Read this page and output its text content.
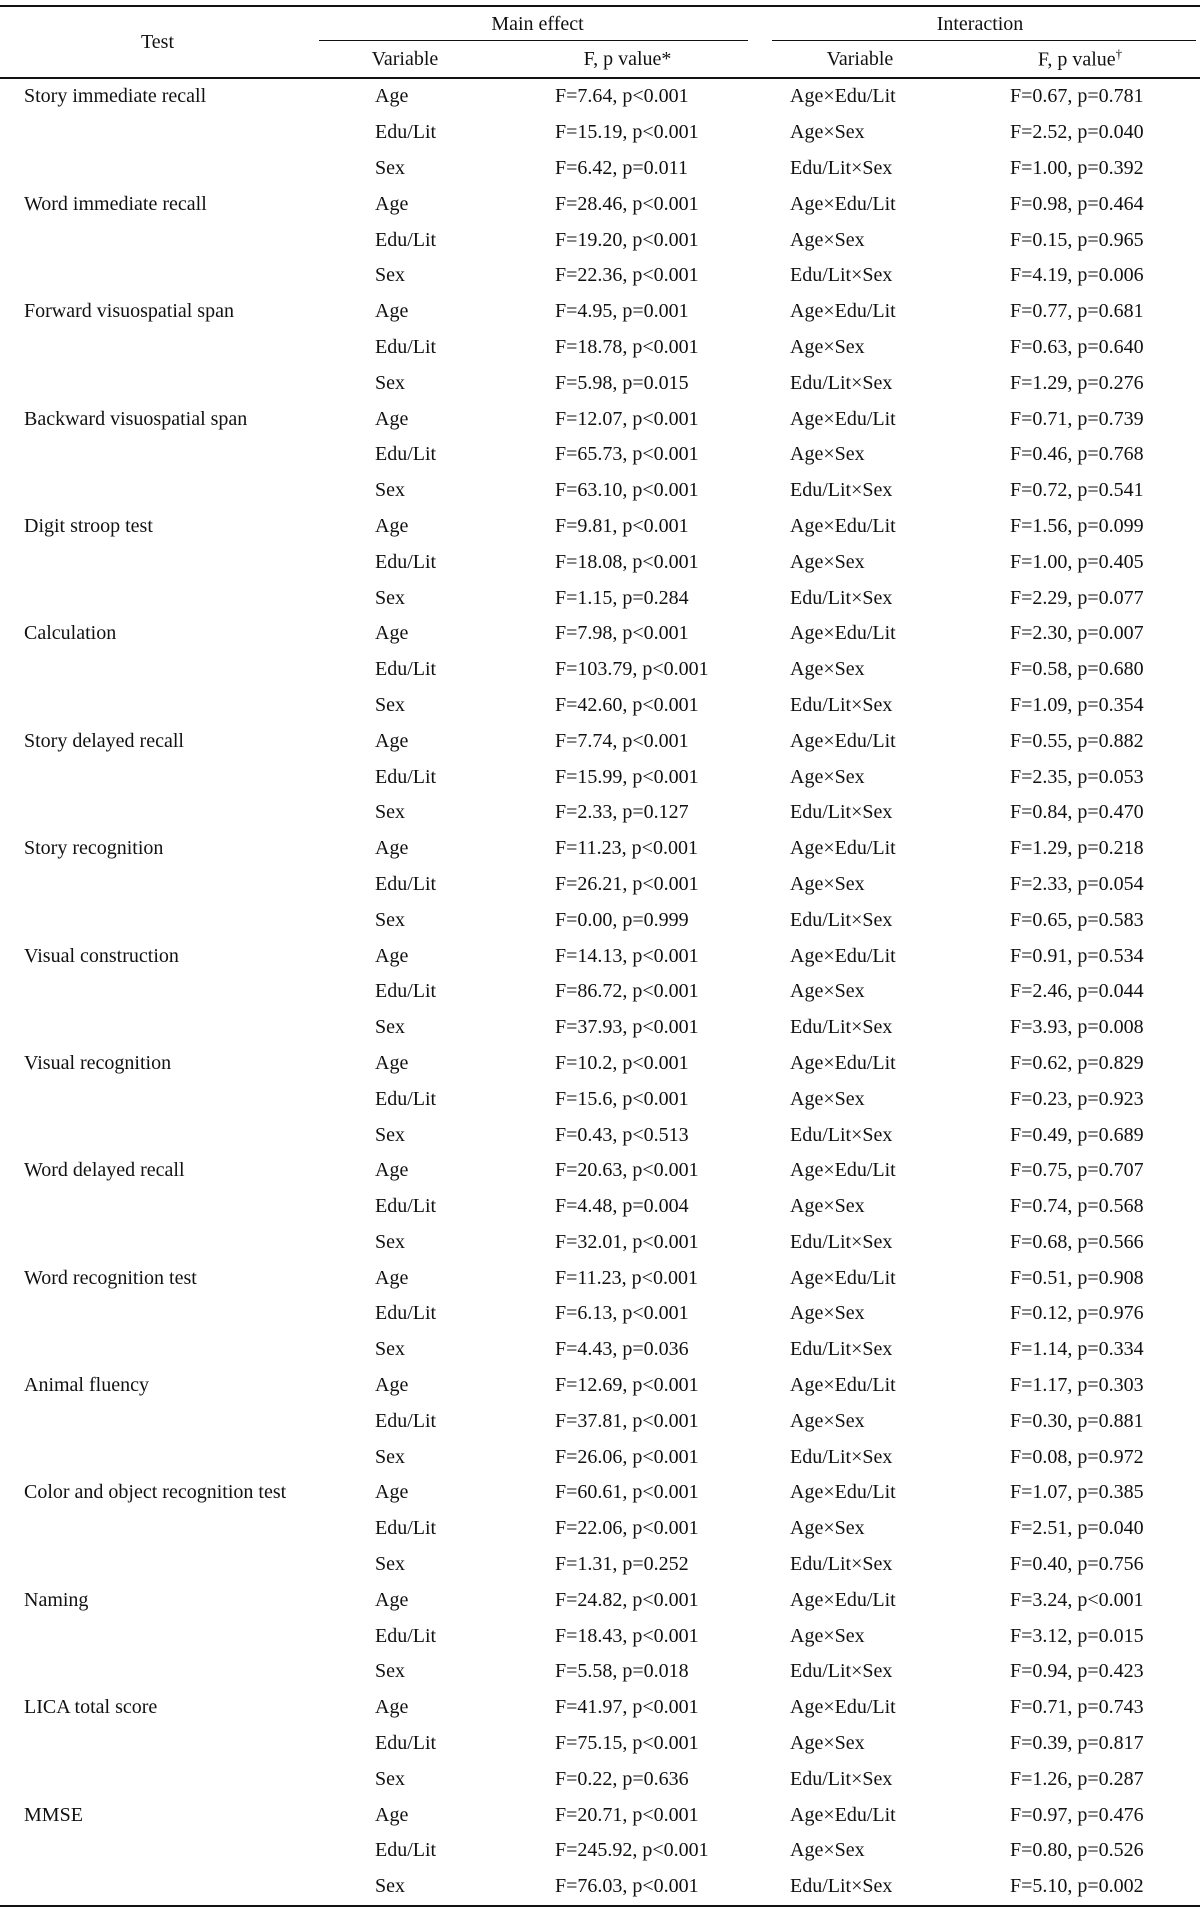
Test	Main effect		Interaction	

	Variable	F, p value*	Variable	F, p value†
Story immediate recall	Age	F=7.64, p<0.001	Age×Edu/Lit	F=0.67, p=0.781
	Edu/Lit	F=15.19, p<0.001	Age×Sex	F=2.52, p=0.040
	Sex	F=6.42, p=0.011	Edu/Lit×Sex	F=1.00, p=0.392
Word immediate recall	Age	F=28.46, p<0.001	Age×Edu/Lit	F=0.98, p=0.464
	Edu/Lit	F=19.20, p<0.001	Age×Sex	F=0.15, p=0.965
	Sex	F=22.36, p<0.001	Edu/Lit×Sex	F=4.19, p=0.006
Forward visuospatial span	Age	F=4.95, p=0.001	Age×Edu/Lit	F=0.77, p=0.681
	Edu/Lit	F=18.78, p<0.001	Age×Sex	F=0.63, p=0.640
	Sex	F=5.98, p=0.015	Edu/Lit×Sex	F=1.29, p=0.276
Backward visuospatial span	Age	F=12.07, p<0.001	Age×Edu/Lit	F=0.71, p=0.739
	Edu/Lit	F=65.73, p<0.001	Age×Sex	F=0.46, p=0.768
	Sex	F=63.10, p<0.001	Edu/Lit×Sex	F=0.72, p=0.541
Digit stroop test	Age	F=9.81, p<0.001	Age×Edu/Lit	F=1.56, p=0.099
	Edu/Lit	F=18.08, p<0.001	Age×Sex	F=1.00, p=0.405
	Sex	F=1.15, p=0.284	Edu/Lit×Sex	F=2.29, p=0.077
Calculation	Age	F=7.98, p<0.001	Age×Edu/Lit	F=2.30, p=0.007
	Edu/Lit	F=103.79, p<0.001	Age×Sex	F=0.58, p=0.680
	Sex	F=42.60, p<0.001	Edu/Lit×Sex	F=1.09, p=0.354
Story delayed recall	Age	F=7.74, p<0.001	Age×Edu/Lit	F=0.55, p=0.882
	Edu/Lit	F=15.99, p<0.001	Age×Sex	F=2.35, p=0.053
	Sex	F=2.33, p=0.127	Edu/Lit×Sex	F=0.84, p=0.470
Story recognition	Age	F=11.23, p<0.001	Age×Edu/Lit	F=1.29, p=0.218
	Edu/Lit	F=26.21, p<0.001	Age×Sex	F=2.33, p=0.054
	Sex	F=0.00, p=0.999	Edu/Lit×Sex	F=0.65, p=0.583
Visual construction	Age	F=14.13, p<0.001	Age×Edu/Lit	F=0.91, p=0.534
	Edu/Lit	F=86.72, p<0.001	Age×Sex	F=2.46, p=0.044
	Sex	F=37.93, p<0.001	Edu/Lit×Sex	F=3.93, p=0.008
Visual recognition	Age	F=10.2, p<0.001	Age×Edu/Lit	F=0.62, p=0.829
	Edu/Lit	F=15.6, p<0.001	Age×Sex	F=0.23, p=0.923
	Sex	F=0.43, p<0.513	Edu/Lit×Sex	F=0.49, p=0.689
Word delayed recall	Age	F=20.63, p<0.001	Age×Edu/Lit	F=0.75, p=0.707
	Edu/Lit	F=4.48, p=0.004	Age×Sex	F=0.74, p=0.568
	Sex	F=32.01, p<0.001	Edu/Lit×Sex	F=0.68, p=0.566
Word recognition test	Age	F=11.23, p<0.001	Age×Edu/Lit	F=0.51, p=0.908
	Edu/Lit	F=6.13, p<0.001	Age×Sex	F=0.12, p=0.976
	Sex	F=4.43, p=0.036	Edu/Lit×Sex	F=1.14, p=0.334
Animal fluency	Age	F=12.69, p<0.001	Age×Edu/Lit	F=1.17, p=0.303
	Edu/Lit	F=37.81, p<0.001	Age×Sex	F=0.30, p=0.881
	Sex	F=26.06, p<0.001	Edu/Lit×Sex	F=0.08, p=0.972
Color and object recognition test	Age	F=60.61, p<0.001	Age×Edu/Lit	F=1.07, p=0.385
	Edu/Lit	F=22.06, p<0.001	Age×Sex	F=2.51, p=0.040
	Sex	F=1.31, p=0.252	Edu/Lit×Sex	F=0.40, p=0.756
Naming	Age	F=24.82, p<0.001	Age×Edu/Lit	F=3.24, p<0.001
	Edu/Lit	F=18.43, p<0.001	Age×Sex	F=3.12, p=0.015
	Sex	F=5.58, p=0.018	Edu/Lit×Sex	F=0.94, p=0.423
LICA total score	Age	F=41.97, p<0.001	Age×Edu/Lit	F=0.71, p=0.743
	Edu/Lit	F=75.15, p<0.001	Age×Sex	F=0.39, p=0.817
	Sex	F=0.22, p=0.636	Edu/Lit×Sex	F=1.26, p=0.287
MMSE	Age	F=20.71, p<0.001	Age×Edu/Lit	F=0.97, p=0.476
	Edu/Lit	F=245.92, p<0.001	Age×Sex	F=0.80, p=0.526
	Sex	F=76.03, p<0.001	Edu/Lit×Sex	F=5.10, p=0.002
